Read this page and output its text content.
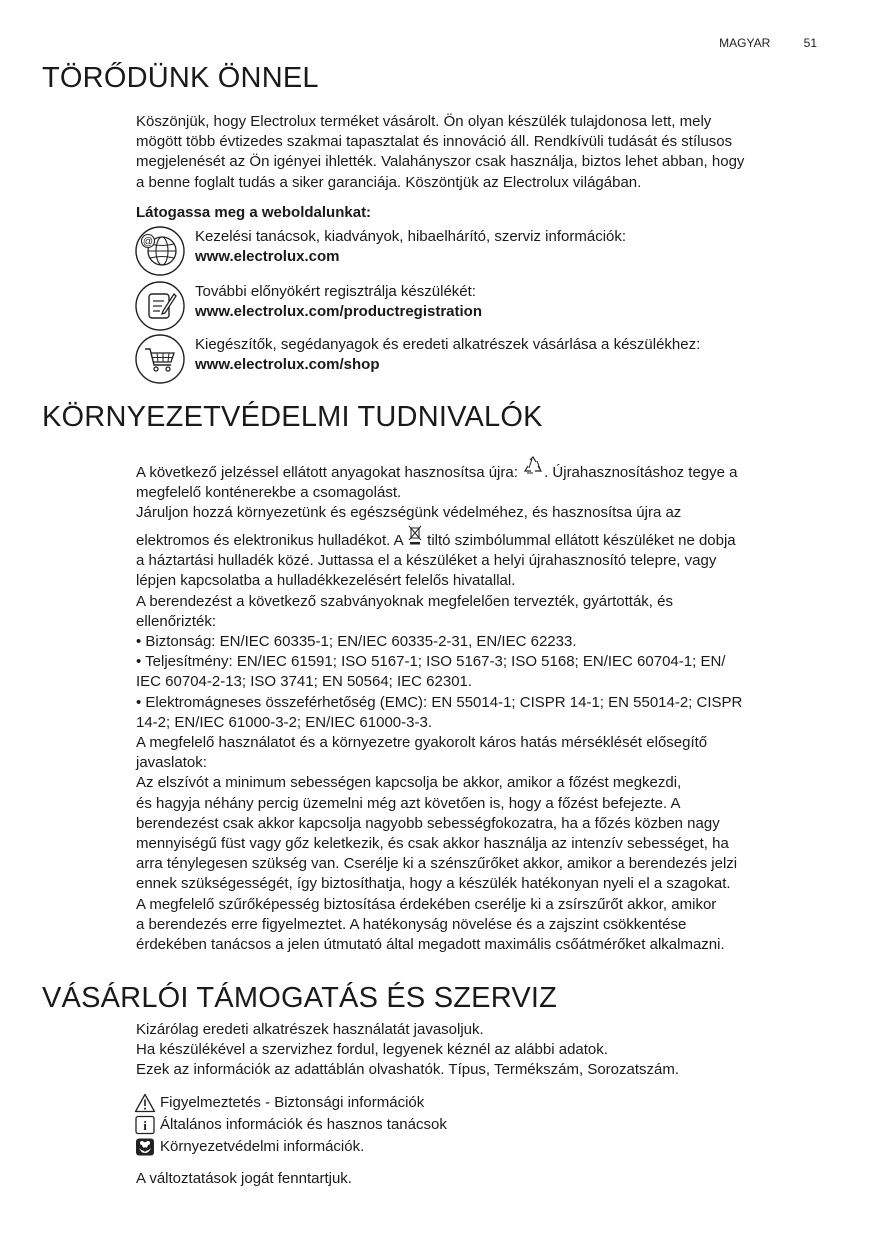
MAGYAR	51
TÖRŐDÜNK ÖNNEL
Köszönjük, hogy Electrolux terméket vásárolt. Ön olyan készülék tulajdonosa lett, mely
mögött több évtizedes szakmai tapasztalat és innováció áll. Rendkívüli tudását és stílusos
megjelenését az Ön igényei ihlették. Valahányszor csak használja, biztos lehet abban, hogy
a benne foglalt tudás a siker garanciája. Köszöntjük az Electrolux világában.
Látogassa meg a weboldalunkat:
@	Kezelési tanácsok, kiadványok, hibaelhárító, szerviz információk:
www.electrolux.com
További előnyökért regisztrálja készülékét:
www.electrolux.com/productregistration
Kiegészítők, segédanyagok és eredeti alkatrészek vásárlása a készülékhez:
www.electrolux.com/shop
KÖRNYEZETVÉDELMI TUDNIVALÓK
A következő jelzéssel ellátott anyagokat hasznosítsa újra: . Újrahasznosításhoz tegye a
megfelelő konténerekbe a csomagolást.
Járuljon hozzá környezetünk és egészségünk védelméhez, és hasznosítsa újra az
elektromos és elektronikus hulladékot. A tiltó szimbólummal ellátott készüléket ne dobja
a háztartási hulladék közé. Juttassa el a készüléket a helyi újrahasznosító telepre, vagy
lépjen kapcsolatba a hulladékkezelésért felelős hivatallal.
A berendezést a következő szabványoknak megfelelően tervezték, gyártották, és
ellenőrizték:
• Biztonság: EN/IEC 60335-1; EN/IEC 60335-2-31, EN/IEC 62233.
• Teljesítmény: EN/IEC 61591; ISO 5167-1; ISO 5167-3; ISO 5168; EN/IEC 60704-1; EN/
IEC 60704-2-13; ISO 3741; EN 50564; IEC 62301.
• Elektromágneses összeférhetőség (EMC): EN 55014-1; CISPR 14-1; EN 55014-2; CISPR
14-2; EN/IEC 61000-3-2; EN/IEC 61000-3-3.
A megfelelő használatot és a környezetre gyakorolt káros hatás mérséklését elősegítő
javaslatok:
Az elszívót a minimum sebességen kapcsolja be akkor, amikor a főzést megkezdi,
és hagyja néhány percig üzemelni még azt követően is, hogy a főzést befejezte. A
berendezést csak akkor kapcsolja nagyobb sebességfokozatra, ha a főzés közben nagy
mennyiségű füst vagy gőz keletkezik, és csak akkor használja az intenzív sebességet, ha
arra ténylegesen szükség van. Cserélje ki a szénszűrőket akkor, amikor a berendezés jelzi
ennek szükségességét, így biztosíthatja, hogy a készülék hatékonyan nyeli el a szagokat.
A megfelelő szűrőképesség biztosítása érdekében cserélje ki a zsírszűrőt akkor, amikor
a berendezés erre figyelmeztet. A hatékonyság növelése és a zajszint csökkentése
érdekében tanácsos a jelen útmutató által megadott maximális csőátmérőket alkalmazni.
VÁSÁRLÓI TÁMOGATÁS ÉS SZERVIZ
Kizárólag eredeti alkatrészek használatát javasoljuk.
Ha készülékével a szervizhez fordul, legyenek kéznél az alábbi adatok.
Ezek az információk az adattáblán olvashatók. Típus, Termékszám, Sorozatszám.
Figyelmeztetés - Biztonsági információk
i Általános információk és hasznos tanácsok
Környezetvédelmi információk.
A változtatások jogát fenntartjuk.
